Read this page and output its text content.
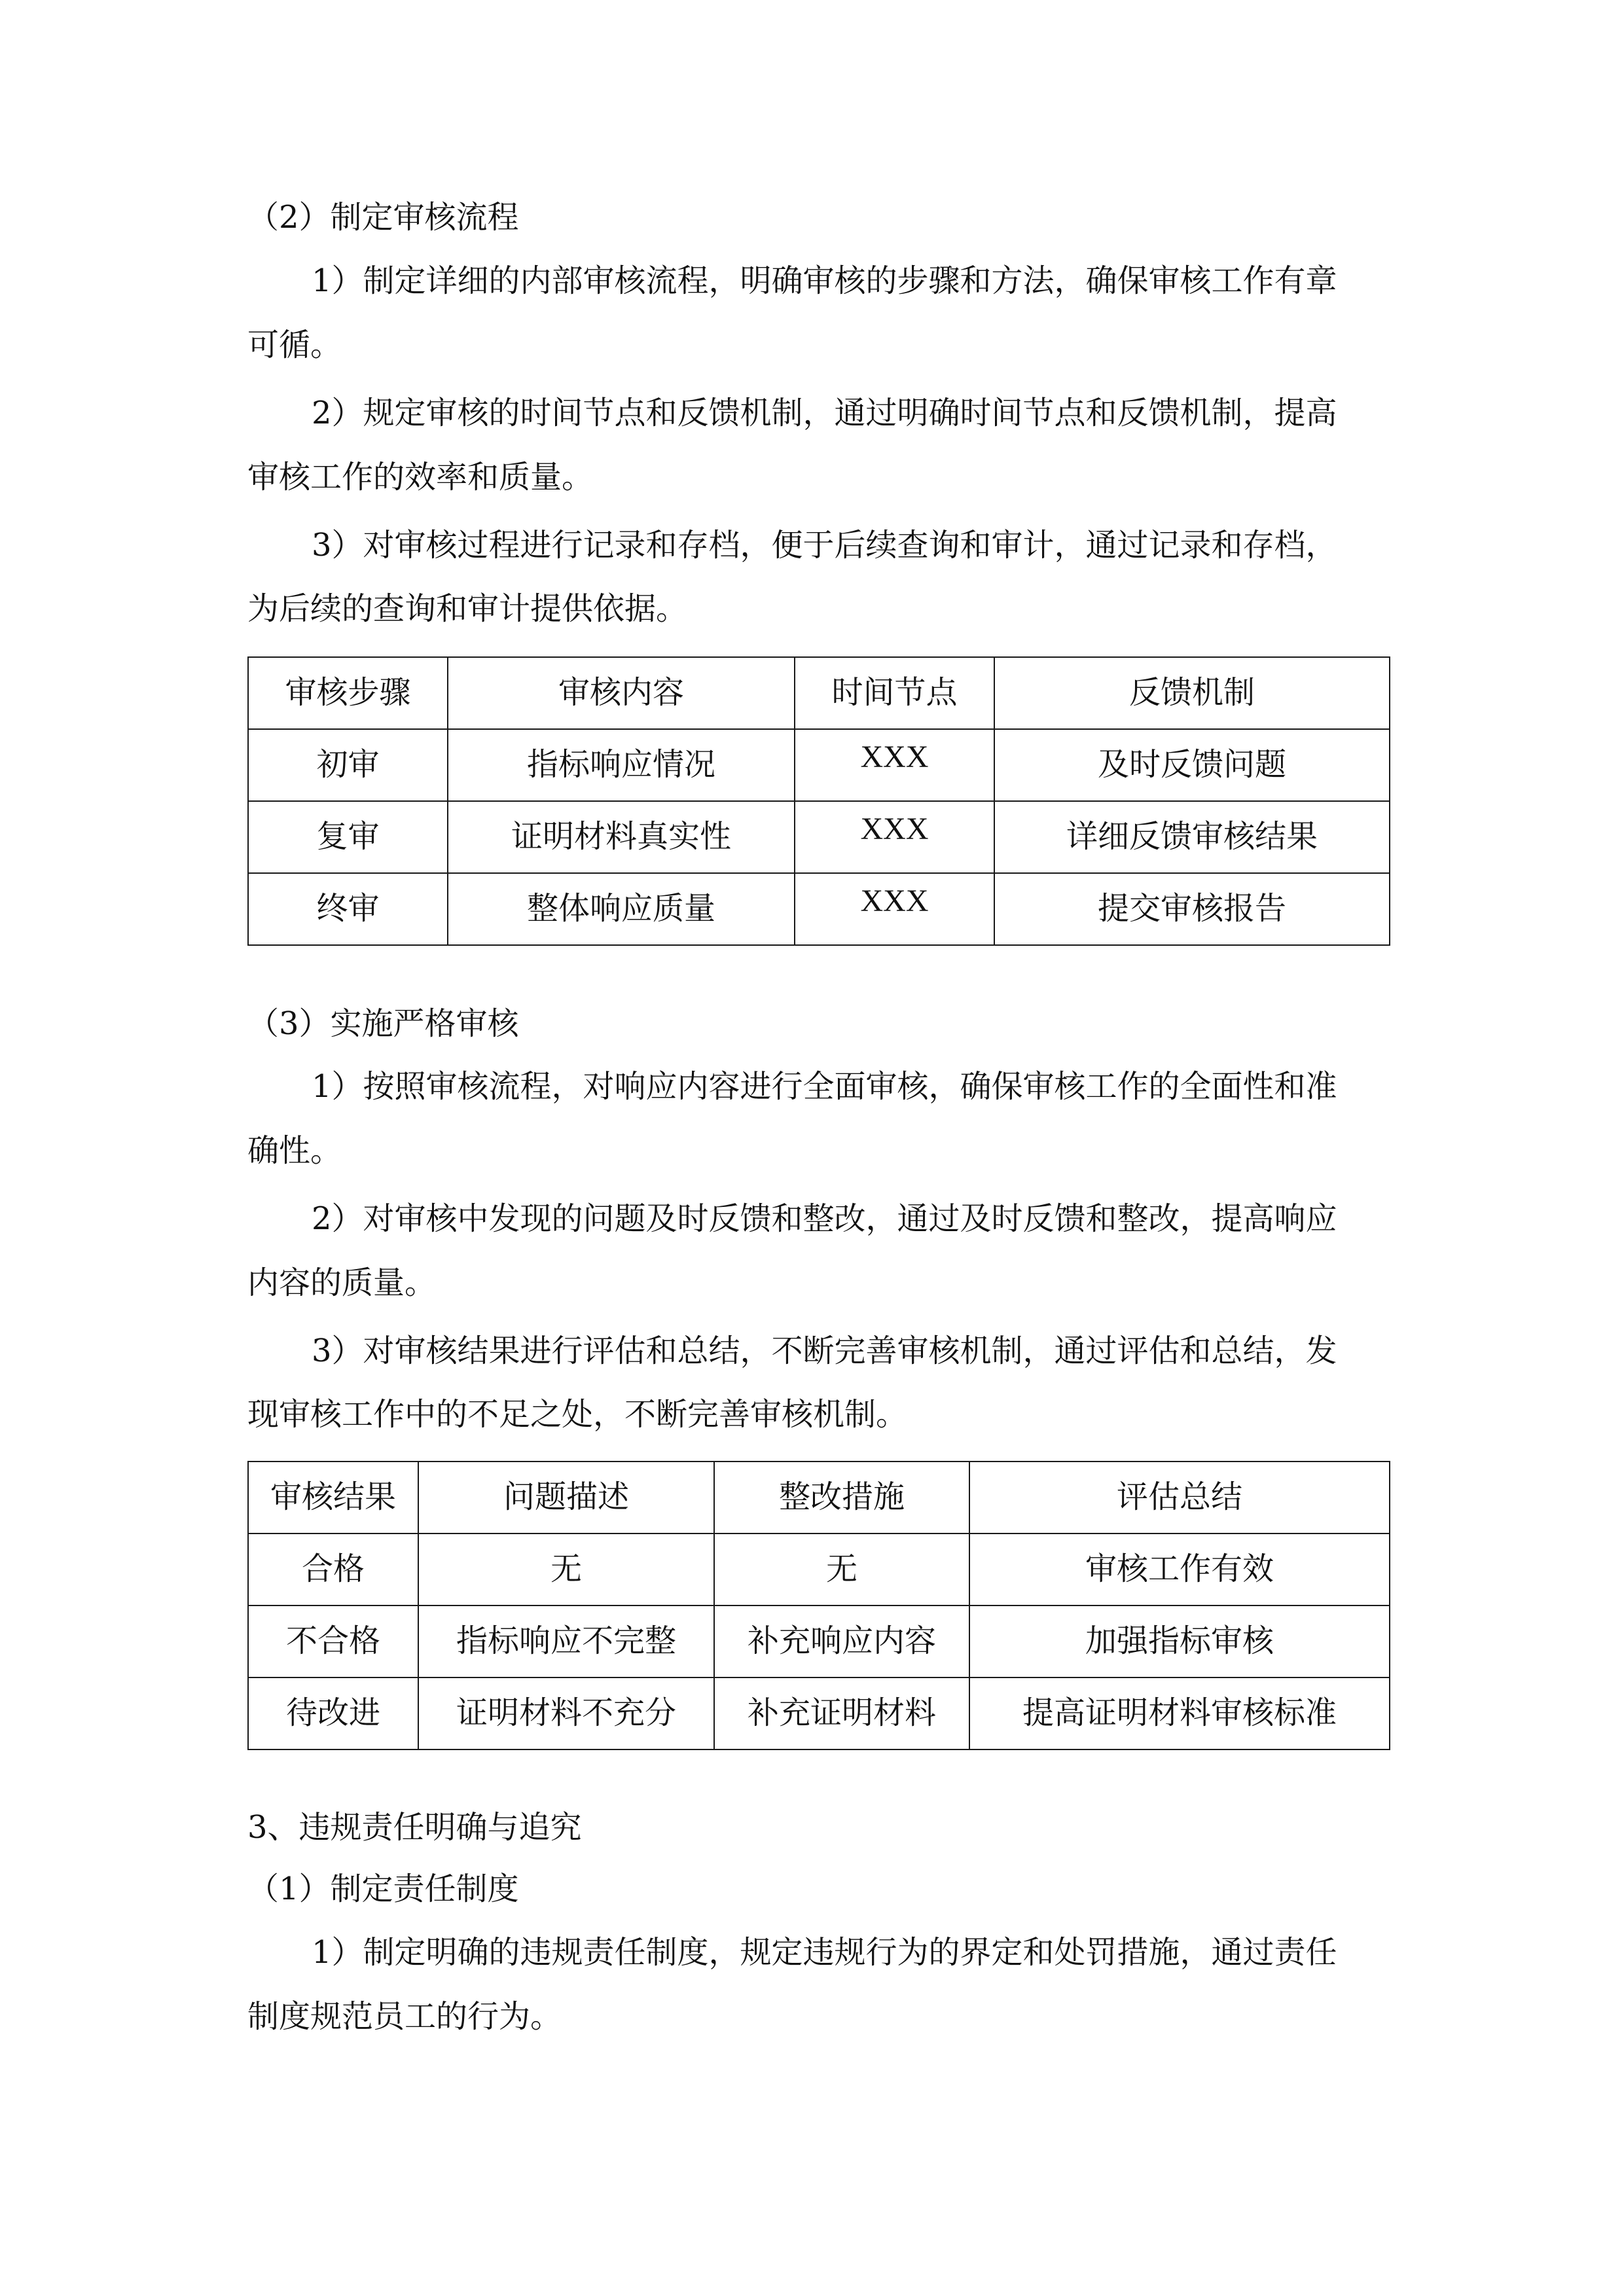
（2）制定审核流程
1）制定详细的内部审核流程，明确审核的步骤和方法，确保审核工作有章
可循。
2）规定审核的时间节点和反馈机制，通过明确时间节点和反馈机制，提高
审核工作的效率和质量。
3）对审核过程进行记录和存档，便于后续查询和审计，通过记录和存档，
为后续的查询和审计提供依据。
审核步骤	审核内容	时间节点	反馈机制
初审	指标响应情况	XXX	及时反馈问题
复审	证明材料真实性	XXX	详细反馈审核结果
终审	整体响应质量	XXX	提交审核报告
（3）实施严格审核
1）按照审核流程，对响应内容进行全面审核，确保审核工作的全面性和准
确性。
2）对审核中发现的问题及时反馈和整改，通过及时反馈和整改，提高响应
内容的质量。
3）对审核结果进行评估和总结，不断完善审核机制，通过评估和总结，发
现审核工作中的不足之处，不断完善审核机制。
审核结果	问题描述	整改措施	评估总结
合格	无	无	审核工作有效
不合格	指标响应不完整	补充响应内容	加强指标审核
待改进	证明材料不充分	补充证明材料	提高证明材料审核标准
3、违规责任明确与追究
（1）制定责任制度
1）制定明确的违规责任制度，规定违规行为的界定和处罚措施，通过责任
制度规范员工的行为。
